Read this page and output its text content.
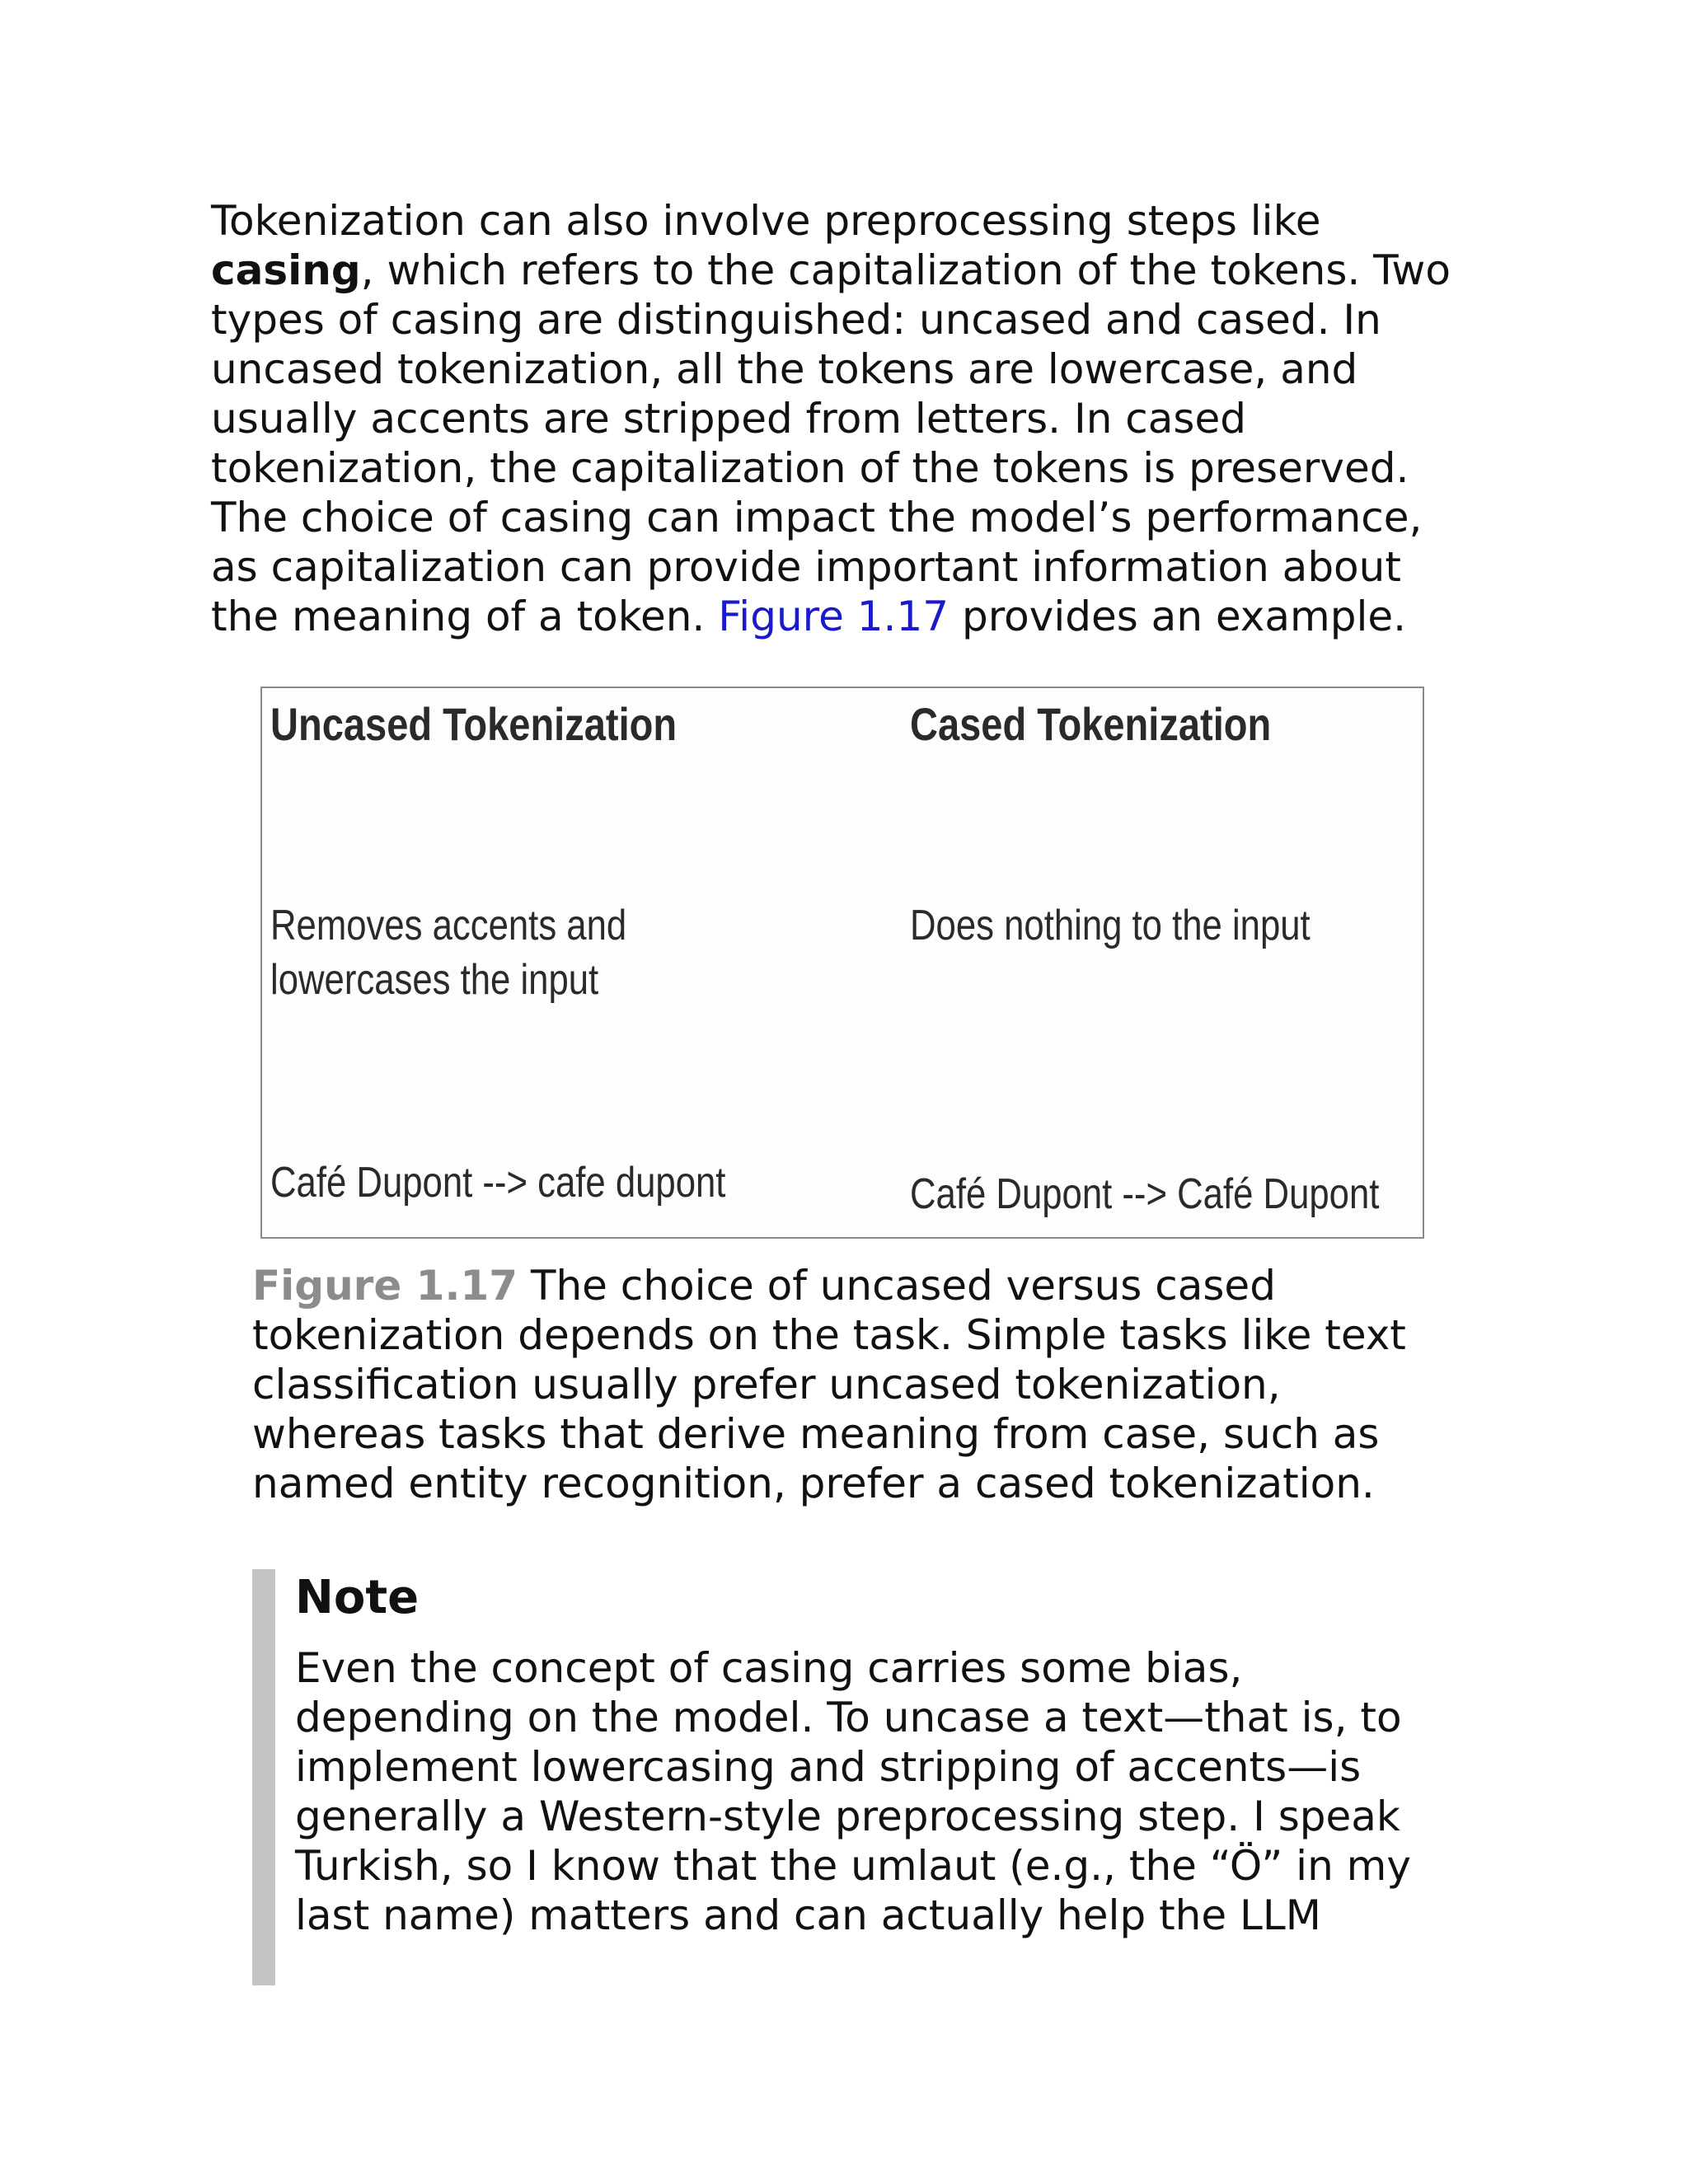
Tokenization can also involve preprocessing steps like casing, which refers to the capitalization of the tokens. Two types of casing are distinguished: uncased and cased. In uncased tokenization, all the tokens are lowercase, and usually accents are stripped from letters. In cased tokenization, the capitalization of the tokens is preserved. The choice of casing can impact the model’s performance, as capitalization can provide important information about the meaning of a token. Figure 1.17 provides an example.

Uncased Tokenization	Cased Tokenization
Removes accents and
lowercases the input
Does nothing to the input
Café Dupont --> cafe dupont	Café Dupont --> Café Dupont

Figure 1.17 The choice of uncased versus cased tokenization depends on the task. Simple tasks like text classification usually prefer uncased tokenization, whereas tasks that derive meaning from case, such as named entity recognition, prefer a cased tokenization.

Note

Even the concept of casing carries some bias, depending on the model. To uncase a text—that is, to implement lowercasing and stripping of accents—is generally a Western-style preprocessing step. I speak Turkish, so I know that the umlaut (e.g., the “Ö” in my last name) matters and can actually help the LLM
